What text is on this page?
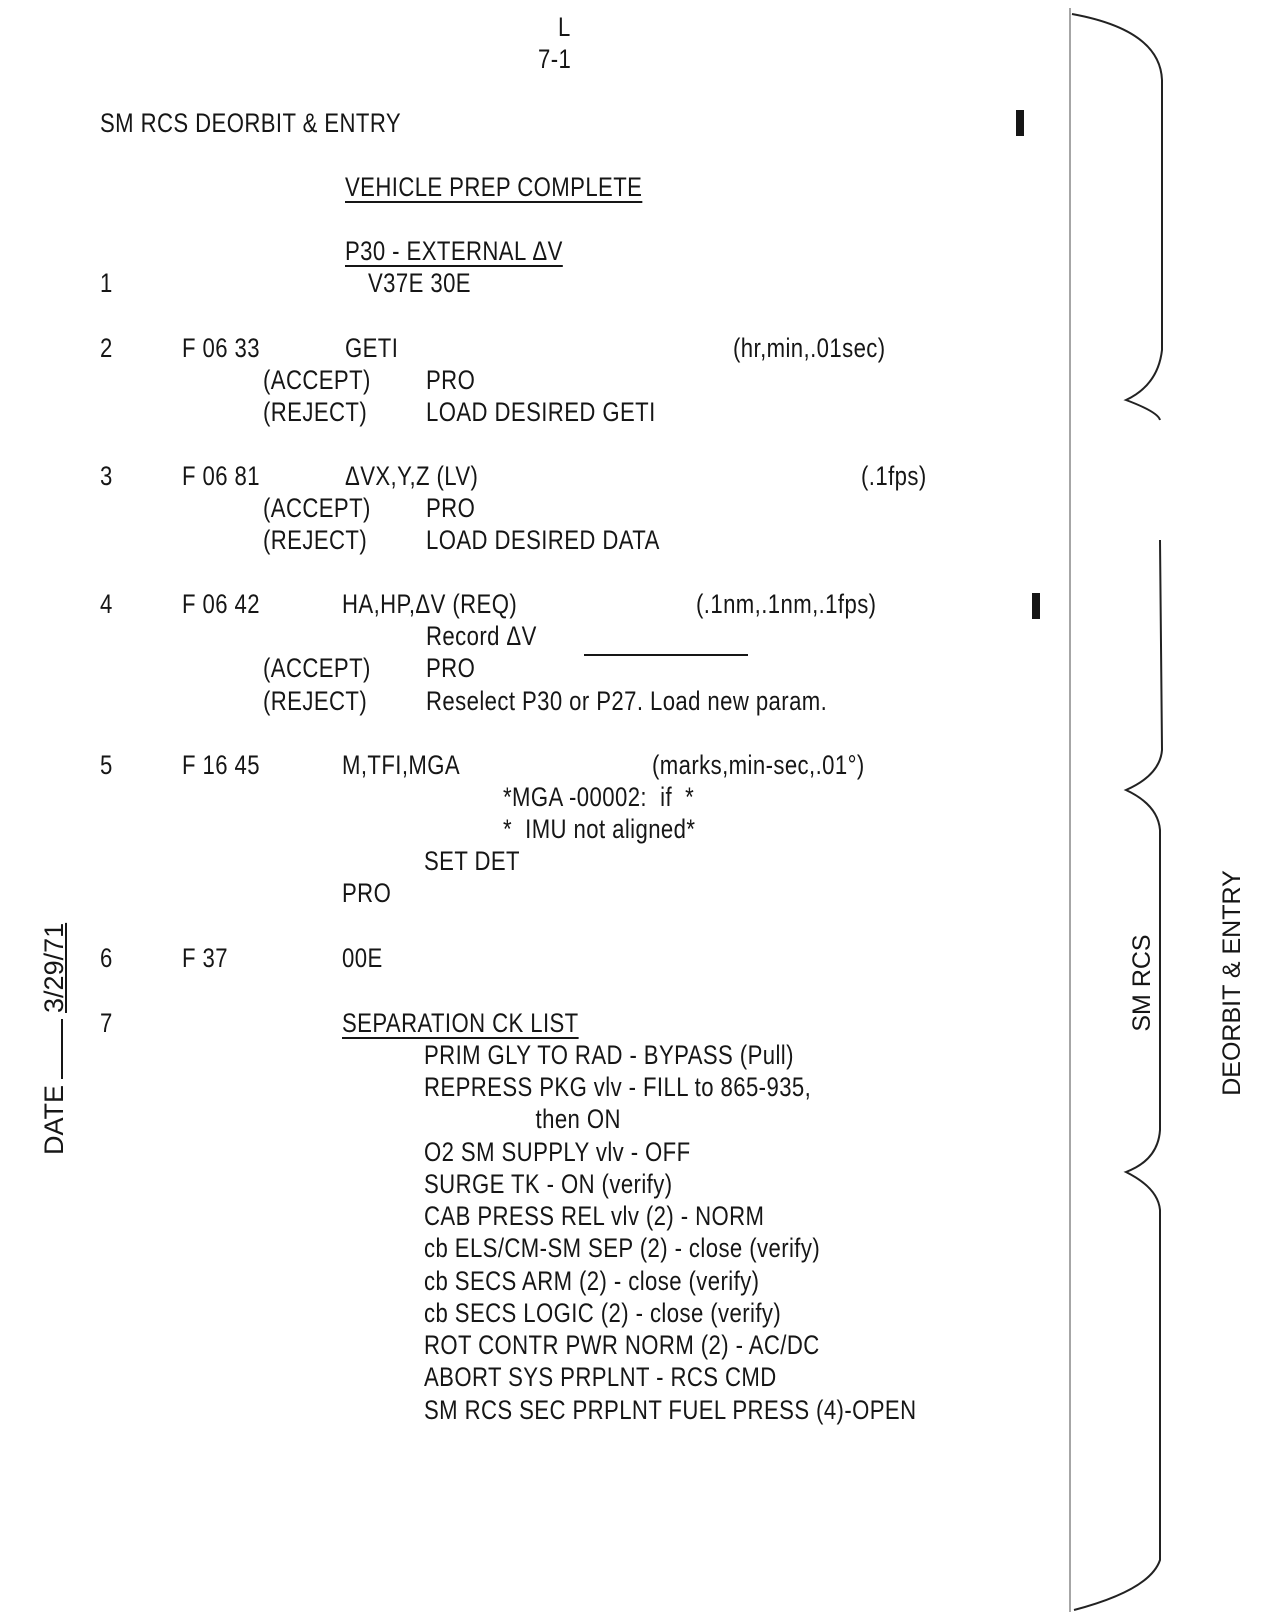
L
7-1
SM RCS DEORBIT & ENTRY
VEHICLE PREP COMPLETE
P30 - EXTERNAL ΔV
1	V37E 30E
2	F 06 33	GETI	(hr,min,.01sec)
(ACCEPT) PRO
(REJECT) LOAD DESIRED GETI
3	F 06 81	ΔVX,Y,Z (LV)	(.1fps)
(ACCEPT) PRO
(REJECT) LOAD DESIRED DATA
4	F 06 42	HA,HP,ΔV (REQ)	(.1nm,.1nm,.1fps)
Record ΔV
(ACCEPT) PRO
(REJECT) Reselect P30 or P27. Load new param.
5	F 16 45	M,TFI,MGA	(marks,min-sec,.01°)
*MGA -00002:  if  *
*  IMU not aligned*
SET DET
PRO
6	F 37	00E
7	SEPARATION CK LIST
PRIM GLY TO RAD - BYPASS (Pull)
REPRESS PKG vlv - FILL to 865-935,
then ON
O2 SM SUPPLY vlv - OFF
SURGE TK - ON (verify)
CAB PRESS REL vlv (2) - NORM
cb ELS/CM-SM SEP (2) - close (verify)
cb SECS ARM (2) - close (verify)
cb SECS LOGIC (2) - close (verify)
ROT CONTR PWR NORM (2) - AC/DC
ABORT SYS PRPLNT - RCS CMD
SM RCS SEC PRPLNT FUEL PRESS (4)-OPEN

DATE3/29/71

	SM RCS

DEORBIT & ENTRY
